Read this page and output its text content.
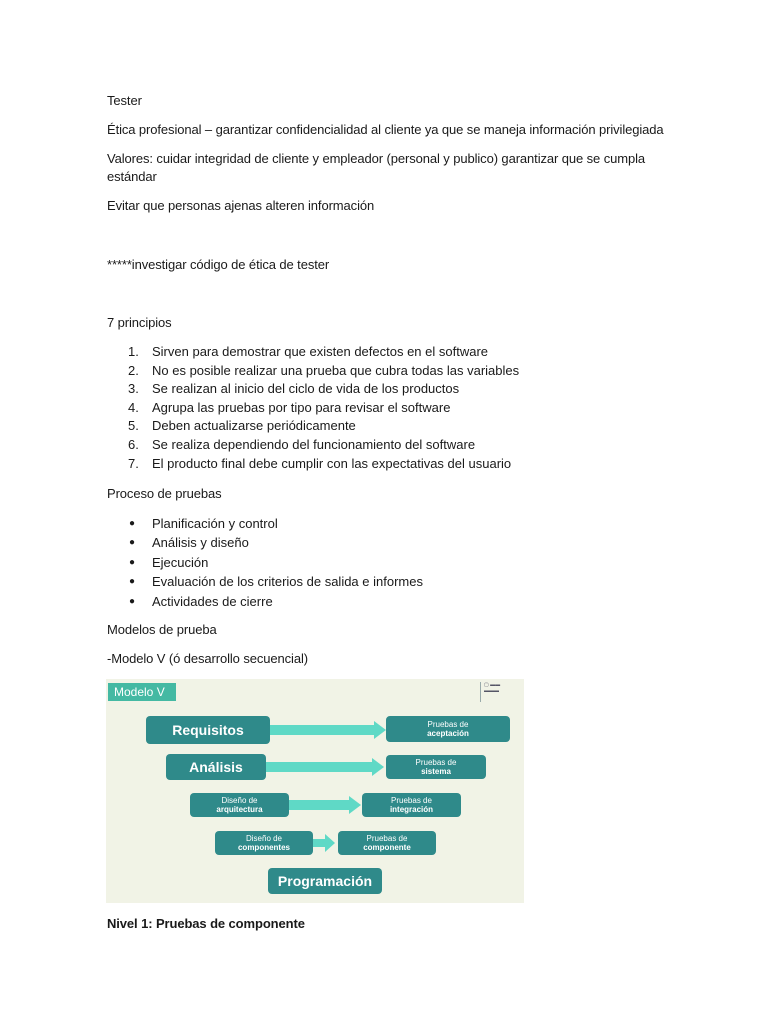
Tester

Ética profesional – garantizar confidencialidad al cliente ya que se maneja información privilegiada

Valores: cuidar integridad de cliente y empleador (personal y publico) garantizar que se cumpla

estándar

Evitar que personas ajenas alteren información

*****investigar código de ética de tester

7 principios

1. Sirven para demostrar que existen defectos en el software
2. No es posible realizar una prueba que cubra todas las variables
3. Se realizan al inicio del ciclo de vida de los productos
4. Agrupa las pruebas por tipo para revisar el software
5. Deben actualizarse periódicamente
6. Se realiza dependiendo del funcionamiento del software
7. El producto final debe cumplir con las expectativas del usuario

Proceso de pruebas

● Planificación y control
● Análisis y diseño
● Ejecución
● Evaluación de los criterios de salida e informes
● Actividades de cierre

Modelos de prueba

-Modelo V (ó desarrollo secuencial)

Modelo V	▢ ▬▬
▬▬▬
Requisitos	Pruebas de
aceptación
Análisis	Pruebas de
sistema
Diseño de
arquitectura
Pruebas de
integración
Diseño de
componentes
Pruebas de
componente
Programación

Nivel 1: Pruebas de componente
